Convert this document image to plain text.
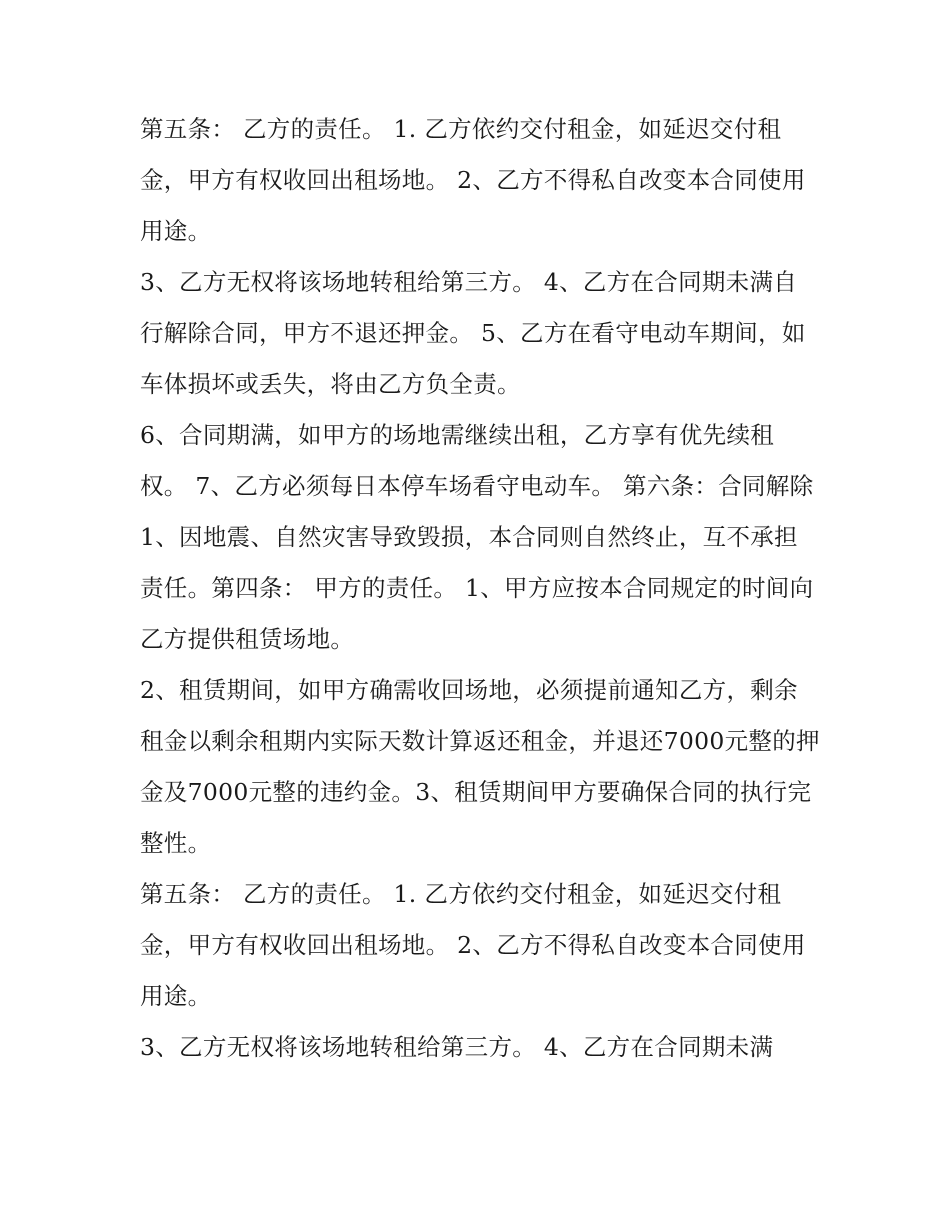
第五条： 乙方的责任。 1. 乙方依约交付租金，如延迟交付租金，甲方有权收回出租场地。 2、乙方不得私自改变本合同使用用途。

3、乙方无权将该场地转租给第三方。 4、乙方在合同期未满自行解除合同，甲方不退还押金。 5、乙方在看守电动车期间，如车体损坏或丢失，将由乙方负全责。

6、合同期满，如甲方的场地需继续出租，乙方享有优先续租权。 7、乙方必须每日本停车场看守电动车。 第六条：合同解除

1、因地震、自然灾害导致毁损，本合同则自然终止，互不承担责任。第四条： 甲方的责任。 1、甲方应按本合同规定的时间向乙方提供租赁场地。

2、租赁期间，如甲方确需收回场地，必须提前通知乙方，剩余租金以剩余租期内实际天数计算返还租金，并退还7000元整的押金及7000元整的违约金。3、租赁期间甲方要确保合同的执行完整性。

第五条： 乙方的责任。 1. 乙方依约交付租金，如延迟交付租金，甲方有权收回出租场地。 2、乙方不得私自改变本合同使用用途。

3、乙方无权将该场地转租给第三方。 4、乙方在合同期未满
